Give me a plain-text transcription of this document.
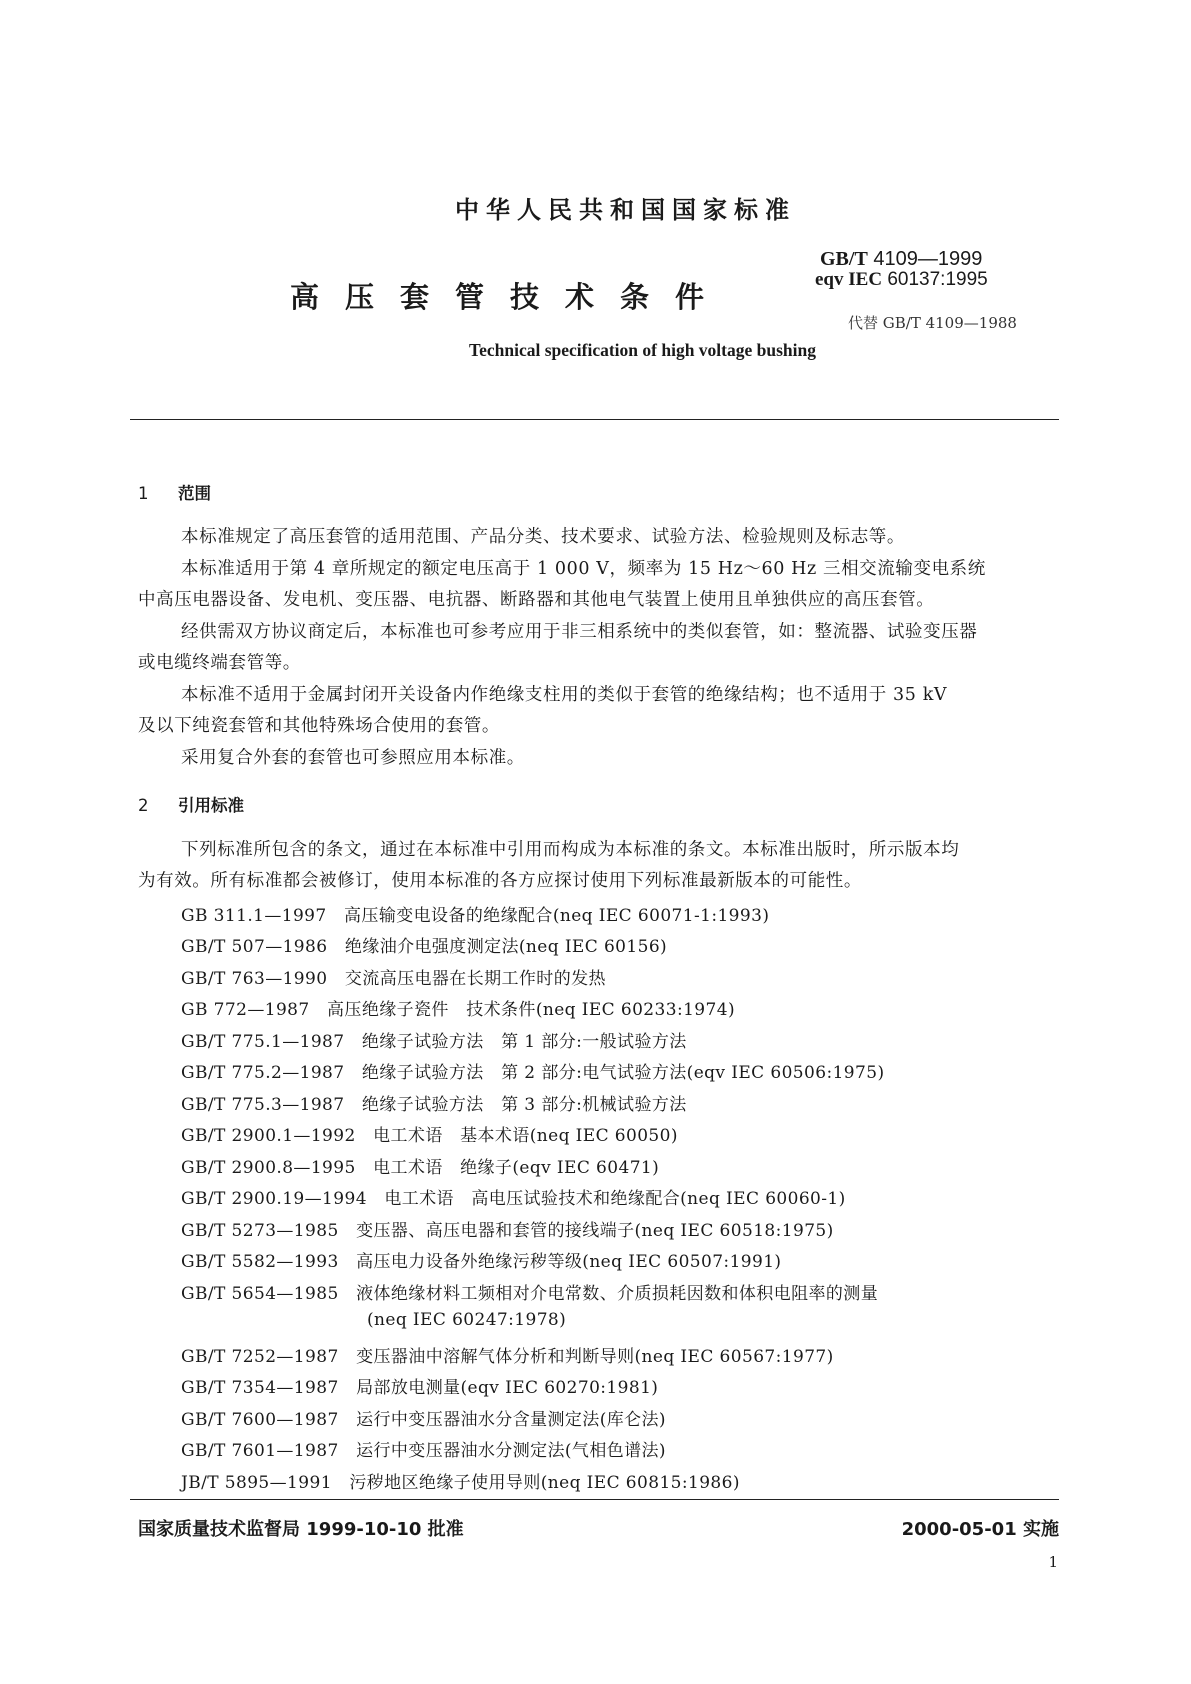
中华人民共和国国家标准
GB/T 4109—1999
eqv IEC 60137:1995
高压套管技术条件
代替 GB/T 4109—1988
Technical specification of high voltage bushing
1 范围
本标准规定了高压套管的适用范围、产品分类、技术要求、试验方法、检验规则及标志等。
本标准适用于第 4 章所规定的额定电压高于 1 000 V，频率为 15 Hz～60 Hz 三相交流输变电系统
中高压电器设备、发电机、变压器、电抗器、断路器和其他电气装置上使用且单独供应的高压套管。
经供需双方协议商定后，本标准也可参考应用于非三相系统中的类似套管，如：整流器、试验变压器
或电缆终端套管等。
本标准不适用于金属封闭开关设备内作绝缘支柱用的类似于套管的绝缘结构；也不适用于 35 kV
及以下纯瓷套管和其他特殊场合使用的套管。
采用复合外套的套管也可参照应用本标准。
2 引用标准
下列标准所包含的条文，通过在本标准中引用而构成为本标准的条文。本标准出版时，所示版本均
为有效。所有标准都会被修订，使用本标准的各方应探讨使用下列标准最新版本的可能性。
GB 311.1—1997 高压输变电设备的绝缘配合(neq IEC 60071-1:1993)
GB/T 507—1986 绝缘油介电强度测定法(neq IEC 60156)
GB/T 763—1990 交流高压电器在长期工作时的发热
GB 772—1987 高压绝缘子瓷件　技术条件(neq IEC 60233:1974)
GB/T 775.1—1987 绝缘子试验方法　第 1 部分:一般试验方法
GB/T 775.2—1987 绝缘子试验方法　第 2 部分:电气试验方法(eqv IEC 60506:1975)
GB/T 775.3—1987 绝缘子试验方法　第 3 部分:机械试验方法
GB/T 2900.1—1992 电工术语　基本术语(neq IEC 60050)
GB/T 2900.8—1995 电工术语　绝缘子(eqv IEC 60471)
GB/T 2900.19—1994 电工术语　高电压试验技术和绝缘配合(neq IEC 60060-1)
GB/T 5273—1985 变压器、高压电器和套管的接线端子(neq IEC 60518:1975)
GB/T 5582—1993 高压电力设备外绝缘污秽等级(neq IEC 60507:1991)
GB/T 5654—1985 液体绝缘材料工频相对介电常数、介质损耗因数和体积电阻率的测量
(neq IEC 60247:1978)
GB/T 7252—1987 变压器油中溶解气体分析和判断导则(neq IEC 60567:1977)
GB/T 7354—1987 局部放电测量(eqv IEC 60270:1981)
GB/T 7600—1987 运行中变压器油水分含量测定法(库仑法)
GB/T 7601—1987 运行中变压器油水分测定法(气相色谱法)
JB/T 5895—1991 污秽地区绝缘子使用导则(neq IEC 60815:1986)
国家质量技术监督局 1999-10-10 批准	2000-05-01 实施
1
